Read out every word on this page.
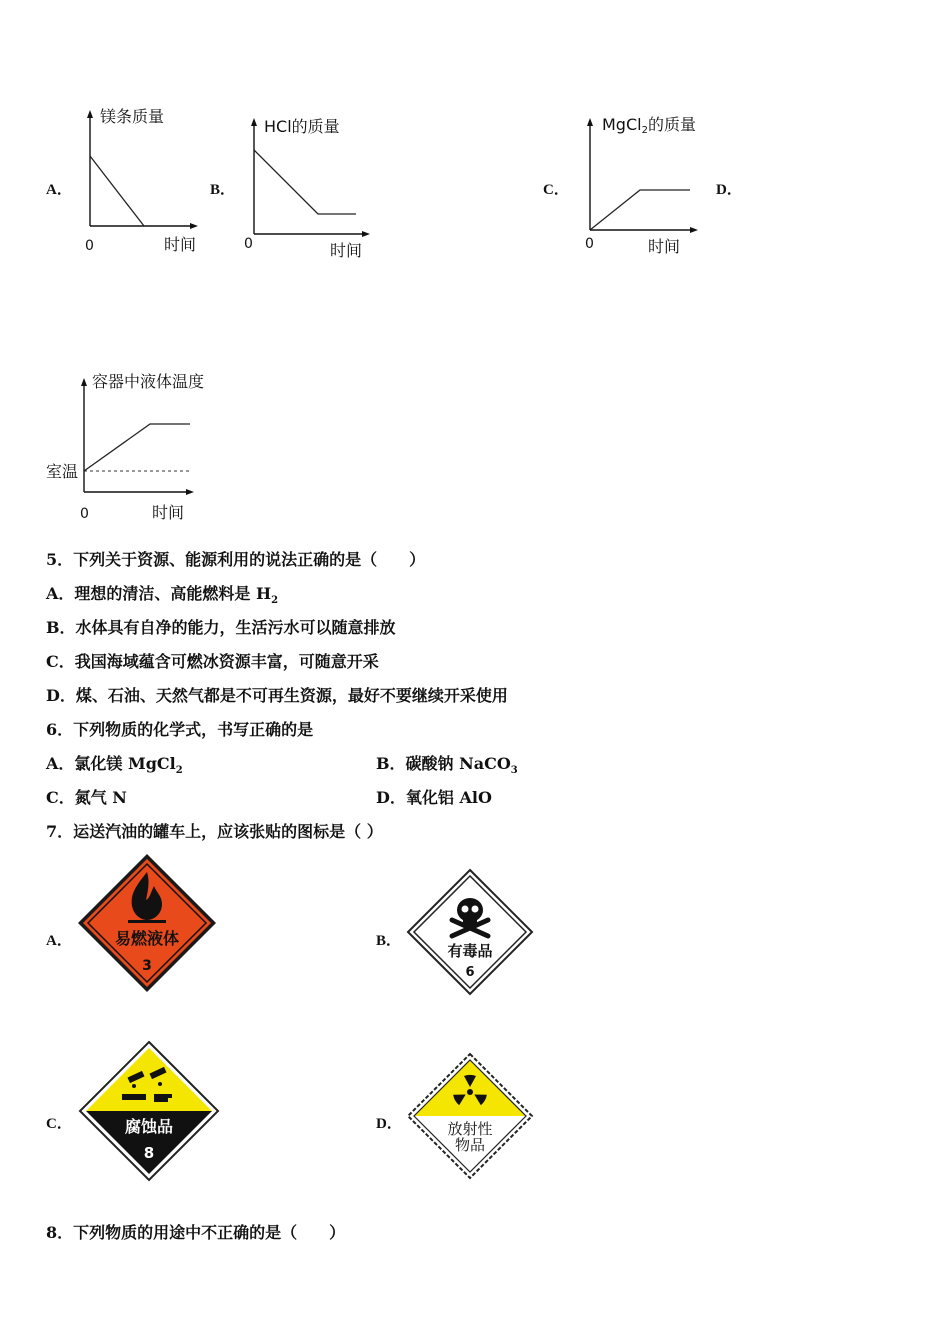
A．
镁条质量
0	时间
B．
HCl的质量
0	时间
C．
MgCl2的质量
0	时间
D．
容器中液体温度
室温
0	时间
5．下列关于资源、能源利用的说法正确的是（　　）
A．理想的清洁、高能燃料是 $H_2$
B．水体具有自净的能力，生活污水可以随意排放
C．我国海域蕴含可燃冰资源丰富，可随意开采
D．煤、石油、天然气都是不可再生资源，最好不要继续开采使用
6．下列物质的化学式，书写正确的是
A．氯化镁 MgCl$_2$	B．碳酸钠 NaCO$_3$
C．氮气 N	D．氧化铝 AlO
7．运送汽油的罐车上，应该张贴的图标是（ ）
A．	易燃液体
3
B．
有毒品
6
C．	腐蚀品
8
D．	放射性
物品
8．下列物质的用途中不正确的是（　　）
